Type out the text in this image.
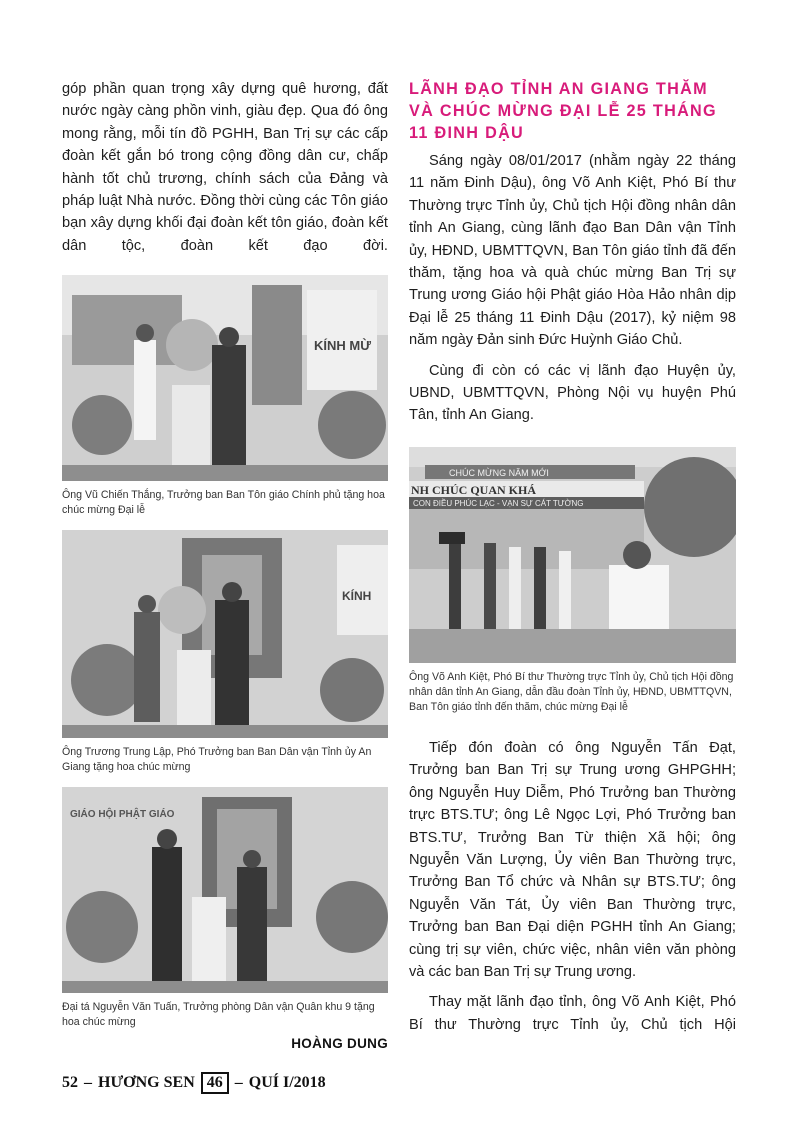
góp phần quan trọng xây dựng quê hương, đất nước ngày càng phồn vinh, giàu đẹp. Qua đó ông mong rằng, mỗi tín đồ PGHH, Ban Trị sự các cấp đoàn kết gắn bó trong cộng đồng dân cư, chấp hành tốt chủ trương, chính sách của Đảng và pháp luật Nhà nước. Đồng thời cùng các Tôn giáo bạn xây dựng khối đại đoàn kết tôn giáo, đoàn kết dân tộc, đoàn kết đạo đời.

KÍNH MỪ

Ông Vũ Chiến Thắng, Trưởng ban Ban Tôn giáo Chính phủ tặng hoa chúc mừng Đại lễ

KÍNH

Ông Trương Trung Lập, Phó Trưởng ban Ban Dân vận Tỉnh ủy An Giang tặng hoa chúc mừng

GIÁO HỘI PHẬT GIÁO

Đại tá Nguyễn Văn Tuấn, Trưởng phòng Dân vận Quân khu 9 tặng hoa chúc mừng

HOÀNG DUNG
LÃNH ĐẠO TỈNH AN GIANG THĂM VÀ CHÚC MỪNG ĐẠI LỄ 25 THÁNG 11 ĐINH DẬU

Sáng ngày 08/01/2017 (nhằm ngày 22 tháng 11 năm Đinh Dậu), ông Võ Anh Kiệt, Phó Bí thư Thường trực Tỉnh ủy, Chủ tịch Hội đồng nhân dân tỉnh An Giang, cùng lãnh đạo Ban Dân vận Tỉnh ủy, HĐND, UBMTTQVN, Ban Tôn giáo tỉnh đã đến thăm, tặng hoa và quà chúc mừng Ban Trị sự Trung ương Giáo hội Phật giáo Hòa Hảo nhân dịp Đại lễ 25 tháng 11 Đinh Dậu (2017), kỷ niệm 98 năm ngày Đản sinh Đức Huỳnh Giáo Chủ.

Cùng đi còn có các vị lãnh đạo Huyện ủy, UBND, UBMTTQVN, Phòng Nội vụ huyện Phú Tân, tỉnh An Giang.

CHÚC MỪNG NĂM MỚI
NH CHÚC QUAN KHÁ
CON ĐIỀU PHÚC LẠC - VẠN SỰ CÁT TƯỜNG

Ông Võ Anh Kiệt, Phó Bí thư Thường trực Tỉnh ủy, Chủ tịch Hội đồng nhân dân tỉnh An Giang, dẫn đầu đoàn Tỉnh ủy, HĐND, UBMTTQVN, Ban Tôn giáo tỉnh đến thăm, chúc mừng Đại lễ

Tiếp đón đoàn có ông Nguyễn Tấn Đạt, Trưởng ban Ban Trị sự Trung ương GHPGHH; ông Nguyễn Huy Diễm, Phó Trưởng ban Thường trực BTS.TƯ; ông Lê Ngọc Lợi, Phó Trưởng ban BTS.TƯ, Trưởng Ban Từ thiện Xã hội; ông Nguyễn Văn Lượng, Ủy viên Ban Thường trực, Trưởng Ban Tổ chức và Nhân sự BTS.TƯ; ông Nguyễn Văn Tát, Ủy viên Ban Thường trực, Trưởng ban Ban Đại diện PGHH tỉnh An Giang; cùng trị sự viên, chức việc, nhân viên văn phòng và các ban Ban Trị sự Trung ương.

Thay mặt lãnh đạo tỉnh, ông Võ Anh Kiệt, Phó Bí thư Thường trực Tỉnh ủy, Chủ tịch Hội

52 – HƯƠNG SEN 46 – QUÍ I/2018
